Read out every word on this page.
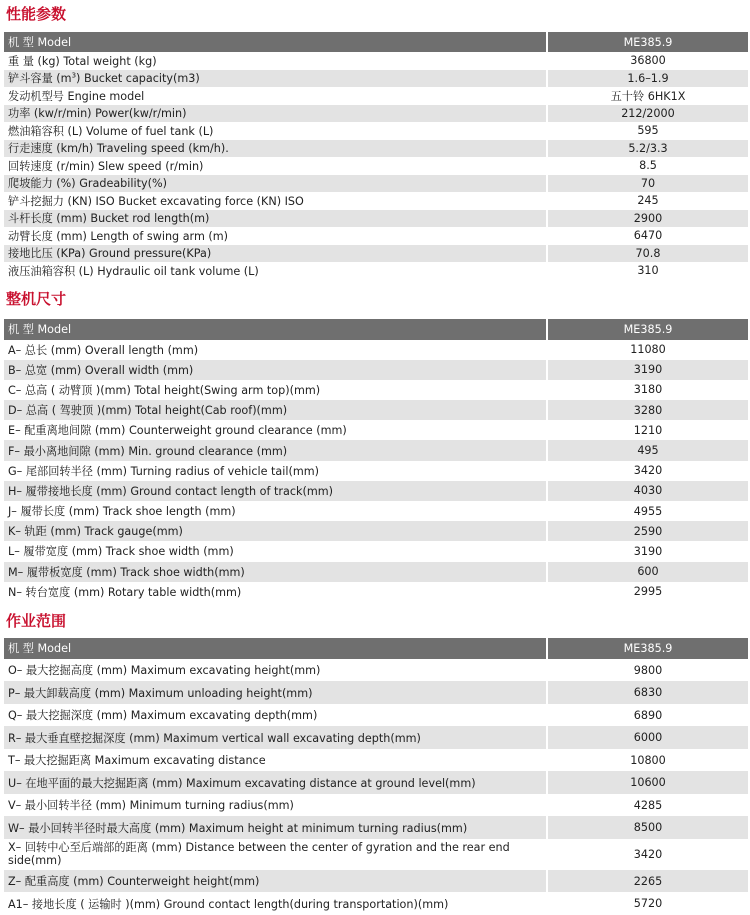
性能参数
机 型 Model	ME385.9
重 量 (kg) Total weight (kg)	36800
铲斗容量 $(m^3)$ Bucket capacity(m3)	1.6–1.9
发动机型号 Engine model	五十铃 6HK1X
功率 (kw/r/min) Power(kw/r/min)	212/2000
燃油箱容积 (L) Volume of fuel tank (L)	595
行走速度 (km/h) Traveling speed (km/h).	5.2/3.3
回转速度 (r/min) Slew speed (r/min)	8.5
爬坡能力 (%) Gradeability(%)	70
铲斗挖掘力 (KN) ISO Bucket excavating force (KN) ISO	245
斗杆长度 (mm) Bucket rod length(m)	2900
动臂长度 (mm) Length of swing arm (m)	6470
接地比压 (KPa) Ground pressure(KPa)	70.8
液压油箱容积 (L) Hydraulic oil tank volume (L)	310
整机尺寸
机 型 Model	ME385.9
A– 总长 (mm) Overall length (mm)	11080
B– 总宽 (mm) Overall width (mm)	3190
C– 总高 ( 动臂顶 )(mm) Total height(Swing arm top)(mm)	3180
D– 总高 ( 驾驶顶 )(mm) Total height(Cab roof)(mm)	3280
E– 配重离地间隙 (mm) Counterweight ground clearance (mm)	1210
F– 最小离地间隙 (mm) Min. ground clearance (mm)	495
G– 尾部回转半径 (mm) Turning radius of vehicle tail(mm)	3420
H– 履带接地长度 (mm) Ground contact length of track(mm)	4030
J– 履带长度 (mm) Track shoe length (mm)	4955
K– 轨距 (mm) Track gauge(mm)	2590
L– 履带宽度 (mm) Track shoe width (mm)	3190
M– 履带板宽度 (mm) Track shoe width(mm)	600
N– 转台宽度 (mm) Rotary table width(mm)	2995
作业范围
机 型 Model	ME385.9
O– 最大挖掘高度 (mm) Maximum excavating height(mm)	9800
P– 最大卸载高度 (mm) Maximum unloading height(mm)	6830
Q– 最大挖掘深度 (mm) Maximum excavating depth(mm)	6890
R– 最大垂直壁挖掘深度 (mm) Maximum vertical wall excavating depth(mm)	6000
T– 最大挖掘距离 Maximum excavating distance	10800
U– 在地平面的最大挖掘距离 (mm) Maximum excavating distance at ground level(mm)	10600
V– 最小回转半径 (mm) Minimum turning radius(mm)	4285
W– 最小回转半径时最大高度 (mm) Maximum height at minimum turning radius(mm)	8500
X– 回转中心至后端部的距离 (mm) Distance between the center of gyration and the rear end side(mm)	3420
Z– 配重高度 (mm) Counterweight height(mm)	2265
A1– 接地长度 ( 运输时 )(mm) Ground contact length(during transportation)(mm)	5720
